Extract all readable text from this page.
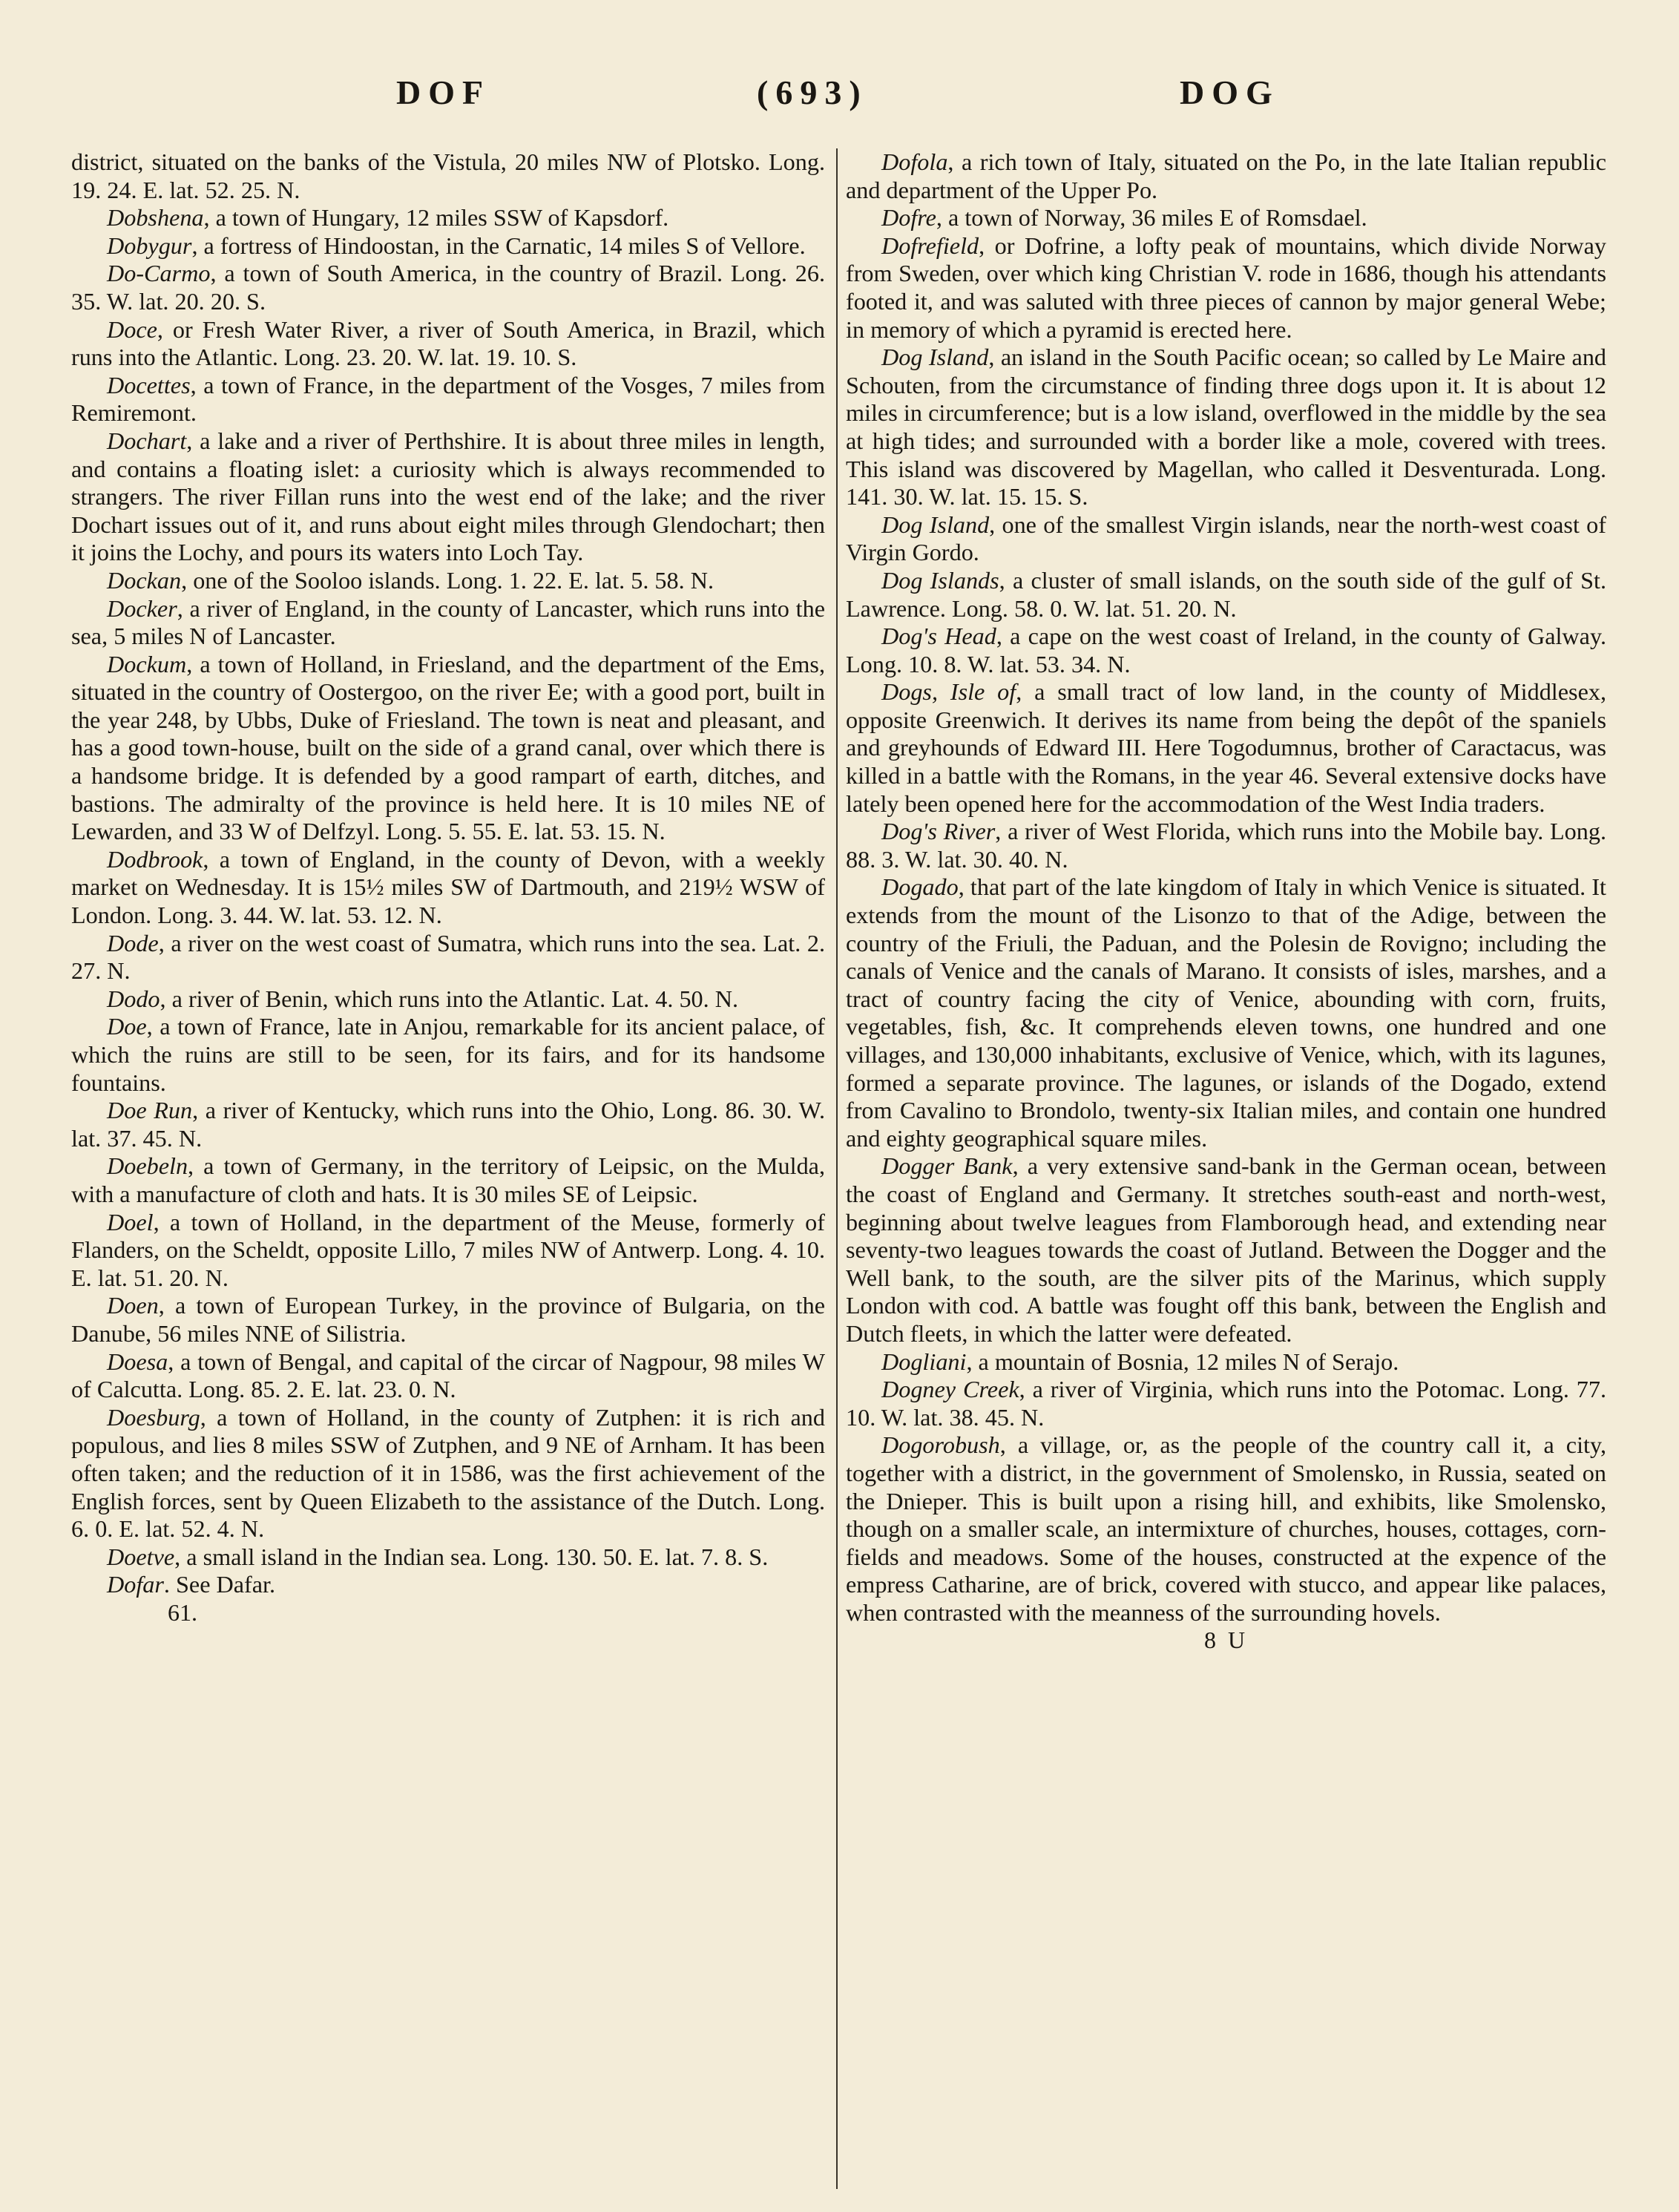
DOF	(693)	DOG

district, situated on the banks of the Vistula, 20 miles NW of Plotsko. Long. 19. 24. E. lat. 52. 25. N.

Dobshena, a town of Hungary, 12 miles SSW of Kapsdorf.

Dobygur, a fortress of Hindoostan, in the Carnatic, 14 miles S of Vellore.

Do-Carmo, a town of South America, in the country of Brazil. Long. 26. 35. W. lat. 20. 20. S.

Doce, or Fresh Water River, a river of South America, in Brazil, which runs into the Atlantic. Long. 23. 20. W. lat. 19. 10. S.

Docettes, a town of France, in the department of the Vosges, 7 miles from Remiremont.

Dochart, a lake and a river of Perthshire. It is about three miles in length, and contains a floating islet: a curiosity which is always recommended to strangers. The river Fillan runs into the west end of the lake; and the river Dochart issues out of it, and runs about eight miles through Glendochart; then it joins the Lochy, and pours its waters into Loch Tay.

Dockan, one of the Sooloo islands. Long. 1. 22. E. lat. 5. 58. N.

Docker, a river of England, in the county of Lancaster, which runs into the sea, 5 miles N of Lancaster.

Dockum, a town of Holland, in Friesland, and the department of the Ems, situated in the country of Oostergoo, on the river Ee; with a good port, built in the year 248, by Ubbs, Duke of Friesland. The town is neat and pleasant, and has a good town-house, built on the side of a grand canal, over which there is a handsome bridge. It is defended by a good rampart of earth, ditches, and bastions. The admiralty of the province is held here. It is 10 miles NE of Lewarden, and 33 W of Delfzyl. Long. 5. 55. E. lat. 53. 15. N.

Dodbrook, a town of England, in the county of Devon, with a weekly market on Wednesday. It is 15½ miles SW of Dartmouth, and 219½ WSW of London. Long. 3. 44. W. lat. 53. 12. N.

Dode, a river on the west coast of Sumatra, which runs into the sea. Lat. 2. 27. N.

Dodo, a river of Benin, which runs into the Atlantic. Lat. 4. 50. N.

Doe, a town of France, late in Anjou, remarkable for its ancient palace, of which the ruins are still to be seen, for its fairs, and for its handsome fountains.

Doe Run, a river of Kentucky, which runs into the Ohio, Long. 86. 30. W. lat. 37. 45. N.

Doebeln, a town of Germany, in the territory of Leipsic, on the Mulda, with a manufacture of cloth and hats. It is 30 miles SE of Leipsic.

Doel, a town of Holland, in the department of the Meuse, formerly of Flanders, on the Scheldt, opposite Lillo, 7 miles NW of Antwerp. Long. 4. 10. E. lat. 51. 20. N.

Doen, a town of European Turkey, in the province of Bulgaria, on the Danube, 56 miles NNE of Silistria.

Doesa, a town of Bengal, and capital of the circar of Nagpour, 98 miles W of Calcutta. Long. 85. 2. E. lat. 23. 0. N.

Doesburg, a town of Holland, in the county of Zutphen: it is rich and populous, and lies 8 miles SSW of Zutphen, and 9 NE of Arnham. It has been often taken; and the reduction of it in 1586, was the first achievement of the English forces, sent by Queen Elizabeth to the assistance of the Dutch. Long. 6. 0. E. lat. 52. 4. N.

Doetve, a small island in the Indian sea. Long. 130. 50. E. lat. 7. 8. S.

Dofar. See Dafar.

61.

Dofola, a rich town of Italy, situated on the Po, in the late Italian republic and department of the Upper Po.

Dofre, a town of Norway, 36 miles E of Romsdael.

Dofrefield, or Dofrine, a lofty peak of mountains, which divide Norway from Sweden, over which king Christian V. rode in 1686, though his attendants footed it, and was saluted with three pieces of cannon by major general Webe; in memory of which a pyramid is erected here.

Dog Island, an island in the South Pacific ocean; so called by Le Maire and Schouten, from the circumstance of finding three dogs upon it. It is about 12 miles in circumference; but is a low island, overflowed in the middle by the sea at high tides; and surrounded with a border like a mole, covered with trees. This island was discovered by Magellan, who called it Desventurada. Long. 141. 30. W. lat. 15. 15. S.

Dog Island, one of the smallest Virgin islands, near the north-west coast of Virgin Gordo.

Dog Islands, a cluster of small islands, on the south side of the gulf of St. Lawrence. Long. 58. 0. W. lat. 51. 20. N.

Dog's Head, a cape on the west coast of Ireland, in the county of Galway. Long. 10. 8. W. lat. 53. 34. N.

Dogs, Isle of, a small tract of low land, in the county of Middlesex, opposite Greenwich. It derives its name from being the depôt of the spaniels and greyhounds of Edward III. Here Togodumnus, brother of Caractacus, was killed in a battle with the Romans, in the year 46. Several extensive docks have lately been opened here for the accommodation of the West India traders.

Dog's River, a river of West Florida, which runs into the Mobile bay. Long. 88. 3. W. lat. 30. 40. N.

Dogado, that part of the late kingdom of Italy in which Venice is situated. It extends from the mount of the Lisonzo to that of the Adige, between the country of the Friuli, the Paduan, and the Polesin de Rovigno; including the canals of Venice and the canals of Marano. It consists of isles, marshes, and a tract of country facing the city of Venice, abounding with corn, fruits, vegetables, fish, &c. It comprehends eleven towns, one hundred and one villages, and 130,000 inhabitants, exclusive of Venice, which, with its lagunes, formed a separate province. The lagunes, or islands of the Dogado, extend from Cavalino to Brondolo, twenty-six Italian miles, and contain one hundred and eighty geographical square miles.

Dogger Bank, a very extensive sand-bank in the German ocean, between the coast of England and Germany. It stretches south-east and north-west, beginning about twelve leagues from Flamborough head, and extending near seventy-two leagues towards the coast of Jutland. Between the Dogger and the Well bank, to the south, are the silver pits of the Marinus, which supply London with cod. A battle was fought off this bank, between the English and Dutch fleets, in which the latter were defeated.

Dogliani, a mountain of Bosnia, 12 miles N of Serajo.

Dogney Creek, a river of Virginia, which runs into the Potomac. Long. 77. 10. W. lat. 38. 45. N.

Dogorobush, a village, or, as the people of the country call it, a city, together with a district, in the government of Smolensko, in Russia, seated on the Dnieper. This is built upon a rising hill, and exhibits, like Smolensko, though on a smaller scale, an intermixture of churches, houses, cottages, corn-fields and meadows. Some of the houses, constructed at the expence of the empress Catharine, are of brick, covered with stucco, and appear like palaces, when contrasted with the meanness of the surrounding hovels.

8 U
